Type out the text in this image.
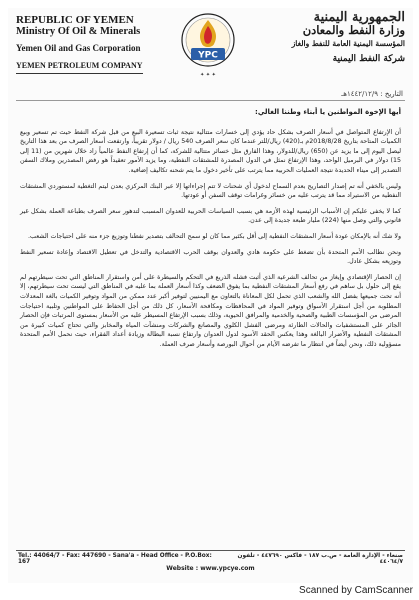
REPUBLIC OF YEMEN
Ministry Of Oil & Minerals
Yemen Oil and Gas Corporation
YEMEN PETROLEUM COMPANY
YPC
✦ ✦ ✦
الجمهورية اليمنية
وزارة النفط والمعادن
المؤسسة اليمنية العامة للنفط والغاز
شركة النفط اليمنية
التاريخ : ١٤٤٢/١٢/٩هـ
أيها الإخوة المواطنين يا أبناء وطننا الغالي:

أن الإرتفاع المتواصل في أسعار الصرف بشكل حاد يؤدي إلى خسارات متتالية نتيجة ثبات تسعيرة البيع من قبل شركة النفط حيث تم تسعير وبيع الكميات المتاحة بتاريخ 2018/8/28م بـ(420) ريال/للتر عندما كان سعر الصرف 540 ريال / دولار تقريباً، وارتفعت أسعار الصرف من بعد هذا التاريخ ليصل اليوم إلى ما يزيد عن (650) ريال/للدولار، وهذا الفارق مثل خسائر متتالية للشركة، كما أن إرتفاع النفط عالمياً زاد خلال شهرين من (11 إلى 15) دولار في البرميل الواحد، وهذا الإرتفاع نمثل في الدول المصدرة للمشتقات النفطية، وما يزيد الأمور تعقيداً هو رفض المصدرين وملاك السفن التصدير إلى ميناء الحديدة نتيجة العمليات الحربية مما يترتب على تأخير دخول ما يتم شحنه تكاليف إضافية.

وليس بالخفي أنه تم إصدار التصاريح بعدم السماح لدخول أي شحنات لا تتم إجراءاتها إلا عبر البنك المركزي بعدن ليتم التغطية لمستوردي المشتقات النفطية من الاستيراد مما قد يترتب عليه من خسائر وغرامات توقف السفن أو عودتها.

كما لا يخفى عليكم إن الأسباب الرئيسية لهذه الأزمة هي بسبب السياسات الحربية للعدوان المسبب لتدهور سعر الصرف بطباعة العملة بشكل غير قانوني والتي وصل منها (224) مليار طبعة جديدة إلى عدن.

ولا شك أنه بالإمكان عودة أسعار المشتقات النفطية إلى أقل بكثير مما كان لو سمح التحالف بتصدير نفطنا وتوزيع جزء منه على احتياجات الشعب.

ونحن نطالب الأمم المتحدة بأن تضغط على حكومة هادي والعدوان بوقف الحرب الاقتصادية والتدخل في تعطيل الاقتصاد وإعادة تسعير النفط وتوزيعه بشكل عادل.

إن الحصار الإقتصادي وإيغاز من تحالف الشرعية الذي أثبت فشله الذريع في التحكم والسيطرة على أمن واستقرار المناطق التي تحت سيطرتهم لم يقع إلى حلول بل ساهم في رفع أسعار المشتقات النفطية بما يفوق الضعف وكذا أسعار العملة بما عليه في المناطق التي ليست تحت سيطرتهم، إلا أنه تحت جميعها بفضل الله والشعب الذي تحمل لكل المعاناة بالتعاون مع اليمنيين لتوفير أكبر عدد ممكن من المواد وتوفير الكميات بالغة المعدلات المطلوبة من أجل استقرار الأسواق وتوفير المواد في المحافظات ومكافحة الأسعار، كل ذلك من أجل الحفاظ على المواطنين وتلبية احتياجات المرضى من المؤسسات الطبية والصحية والخدمية والمرافق الحيوية، وذلك بسبب الإرتفاع المسيطر عليه من الأسعار بمستوى المرتبات فإن الحصار الجائر على المستشفيات والحالات الطارئة ومرضى الفشل الكلوي والمصانع والشركات ومنشآت المياه والمخابز والتي تحتاج كميات كبيرة من المشتقات النفطية والأضرار البالغة وهذا يعكس الحقد الأسود لدول العدوان وارتفاع نسبة البطالة وزيادة أعداد الفقراء، حيث نحمل الأمم المتحدة مسؤولية ذلك، ونحن أيضاً في انتظار ما تفرضه الأيام من أحوال البورصة وأسعار صرف العملة.

Tel.: 44064/7 - Fax: 447690 - Sana'a - Head Office - P.O.Box: 167
صنعاء - الإدارة العامة - ص.ب ١٨٧ - فاكس ٤٤٧٦٩٠ - تلفون ٤٤٠٦٤/٧
Website : www.ypcye.com
Scanned by CamScanner
